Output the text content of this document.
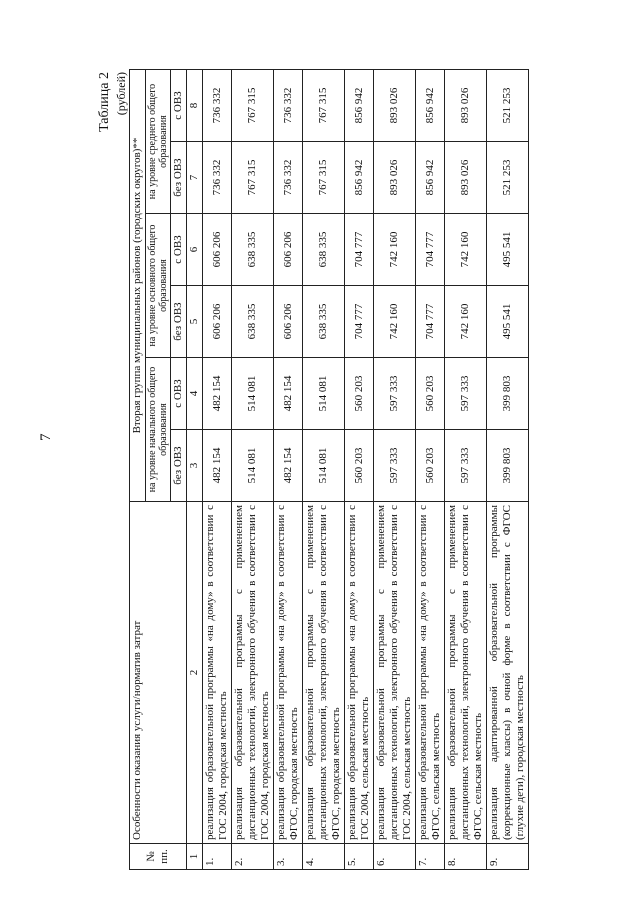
7
Таблица 2 (рублей)
№ пп.	Особенности оказания услуги/норматив затрат	Вторая группа муниципальных районов (городских округов)**					
		на уровне начального общего образования		на уровне основного общего образования		на уровне среднего общего образования	
		без ОВЗ	с ОВЗ	без ОВЗ	с ОВЗ	без ОВЗ	с ОВЗ
1	2	3	4	5	6	7	8
1.	реализация образовательной программы «на дому» в соответствии с ГОС 2004, городская местность	482 154	482 154	606 206	606 206	736 332	736 332
2.	реализация образовательной программы с применением дистанционных технологий, электронного обучения в соответствии с ГОС 2004, городская местность	514 081	514 081	638 335	638 335	767 315	767 315
3.	реализация образовательной программы «на дому» в соответствии с ФГОС, городская местность	482 154	482 154	606 206	606 206	736 332	736 332
4.	реализация образовательной программы с применением дистанционных технологий, электронного обучения в соответствии с ФГОС, городская местность	514 081	514 081	638 335	638 335	767 315	767 315
5.	реализация образовательной программы «на дому» в соответствии с ГОС 2004, сельская местность	560 203	560 203	704 777	704 777	856 942	856 942
6.	реализация образовательной программы с применением дистанционных технологий, электронного обучения в соответствии с ГОС 2004, сельская местность	597 333	597 333	742 160	742 160	893 026	893 026
7.	реализация образовательной программы «на дому» в соответствии с ФГОС, сельская местность	560 203	560 203	704 777	704 777	856 942	856 942
8.	реализация образовательной программы с применением дистанционных технологий, электронного обучения в соответствии с ФГОС, сельская местность	597 333	597 333	742 160	742 160	893 026	893 026
9.	реализация адаптированной образовательной программы (коррекционные классы) в очной форме в соответствии с ФГОС (глухие дети), городская местность	399 803	399 803	495 541	495 541	521 253	521 253
